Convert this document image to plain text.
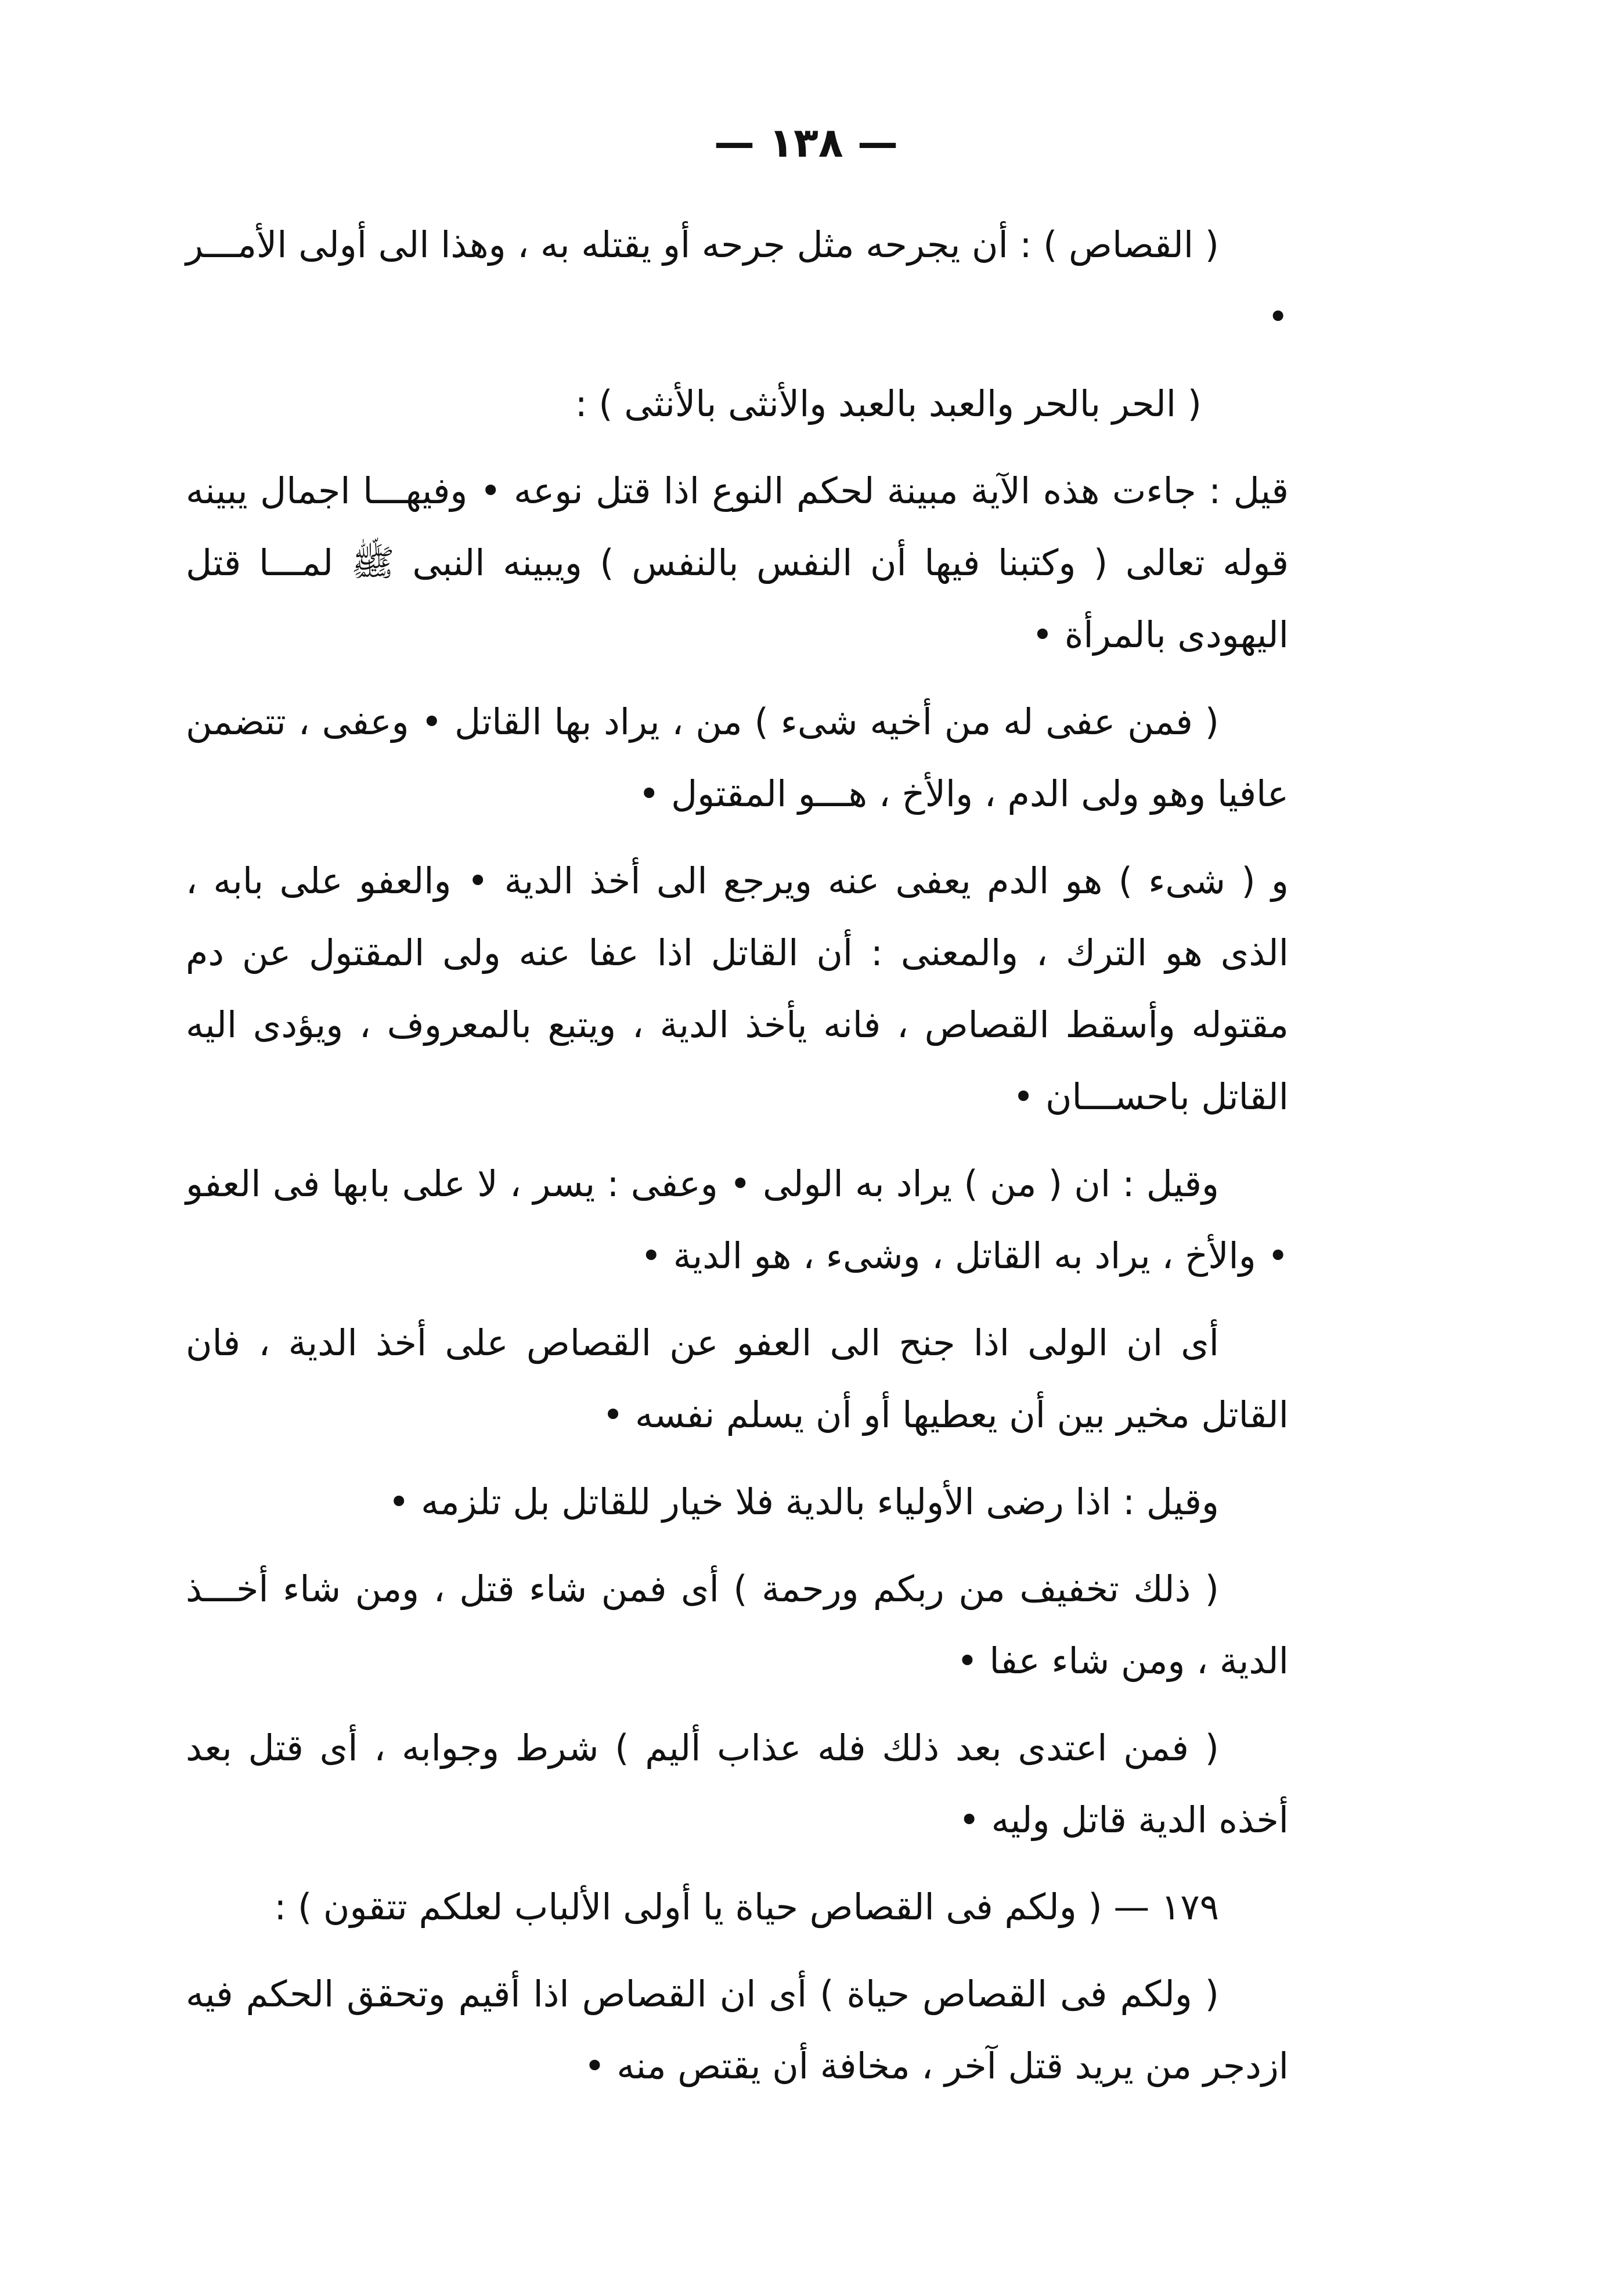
— ١٣٨ —

( القصاص ) : أن يجرحه مثل جرحه أو يقتله به ، وهذا الى أولى الأمـــر •

( الحر بالحر والعبد بالعبد والأنثى بالأنثى ) :

قيل : جاءت هذه الآية مبينة لحكم النوع اذا قتل نوعه • وفيهـــا اجمال يبينه قوله تعالى ( وكتبنا فيها أن النفس بالنفس ) ويبينه النبى ﷺ لمـــا قتل اليهودى بالمرأة •

( فمن عفى له من أخيه شىء ) من ، يراد بها القاتل • وعفى ، تتضمن عافيا وهو ولى الدم ، والأخ ، هـــو المقتول •

و ( شىء ) هو الدم يعفى عنه ويرجع الى أخذ الدية • والعفو على بابه ، الذى هو الترك ، والمعنى : أن القاتل اذا عفا عنه ولى المقتول عن دم مقتوله وأسقط القصاص ، فانه يأخذ الدية ، ويتبع بالمعروف ، ويؤدى اليه القاتل باحســـان •

وقيل : ان ( من ) يراد به الولى • وعفى : يسر ، لا على بابها فى العفو • والأخ ، يراد به القاتل ، وشىء ، هو الدية •

أى ان الولى اذا جنح الى العفو عن القصاص على أخذ الدية ، فان القاتل مخير بين أن يعطيها أو أن يسلم نفسه •

وقيل : اذا رضى الأولياء بالدية فلا خيار للقاتل بل تلزمه •

( ذلك تخفيف من ربكم ورحمة ) أى فمن شاء قتل ، ومن شاء أخـــذ الدية ، ومن شاء عفا •

( فمن اعتدى بعد ذلك فله عذاب أليم ) شرط وجوابه ، أى قتل بعد أخذه الدية قاتل وليه •

١٧٩ — ( ولكم فى القصاص حياة يا أولى الألباب لعلكم تتقون ) :

( ولكم فى القصاص حياة ) أى ان القصاص اذا أقيم وتحقق الحكم فيه ازدجر من يريد قتل آخر ، مخافة أن يقتص منه •
